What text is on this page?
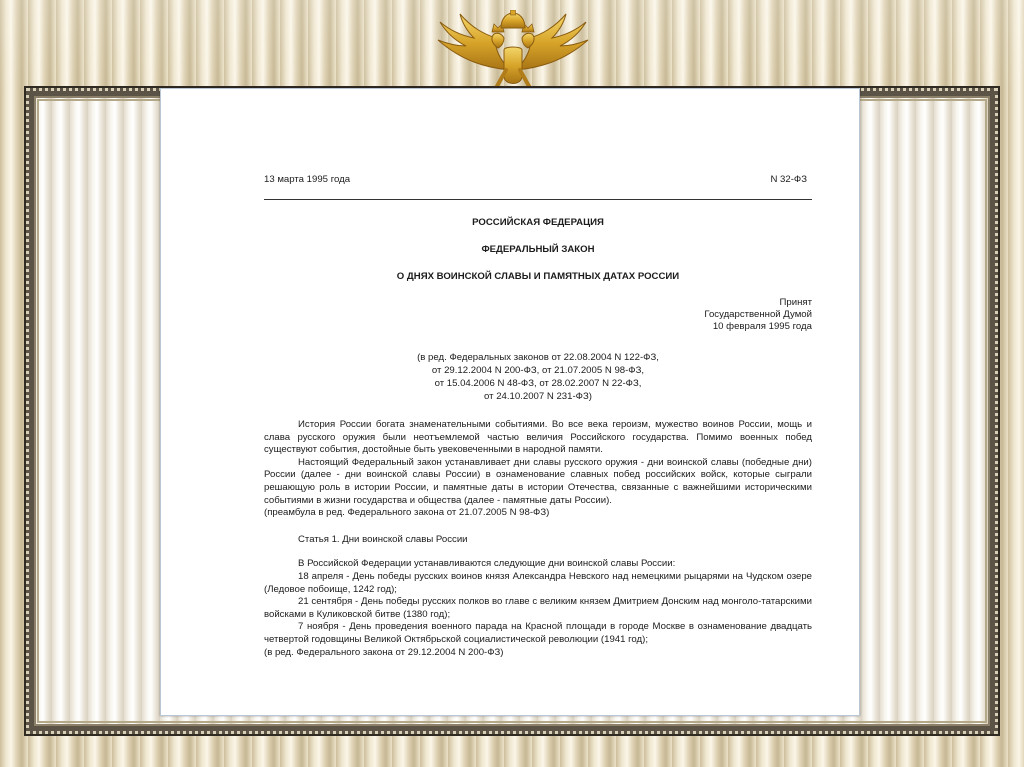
13 марта 1995 года	N 32-ФЗ
РОССИЙСКАЯ ФЕДЕРАЦИЯ
ФЕДЕРАЛЬНЫЙ ЗАКОН
О ДНЯХ ВОИНСКОЙ СЛАВЫ И ПАМЯТНЫХ ДАТАХ РОССИИ
Принят
Государственной Думой
10 февраля 1995 года
(в ред. Федеральных законов от 22.08.2004 N 122-ФЗ,
от 29.12.2004 N 200-ФЗ, от 21.07.2005 N 98-ФЗ,
от 15.04.2006 N 48-ФЗ, от 28.02.2007 N 22-ФЗ,
от 24.10.2007 N 231-ФЗ)

История России богата знаменательными событиями. Во все века героизм, мужество воинов России, мощь и слава русского оружия были неотъемлемой частью величия Российского государства. Помимо военных побед существуют события, достойные быть увековеченными в народной памяти.

Настоящий Федеральный закон устанавливает дни славы русского оружия - дни воинской славы (победные дни) России (далее - дни воинской славы России) в ознаменование славных побед российских войск, которые сыграли решающую роль в истории России, и памятные даты в истории Отечества, связанные с важнейшими историческими событиями в жизни государства и общества (далее - памятные даты России).

(преамбула в ред. Федерального закона от 21.07.2005 N 98-ФЗ)

Статья 1. Дни воинской славы России

В Российской Федерации устанавливаются следующие дни воинской славы России:

18 апреля - День победы русских воинов князя Александра Невского над немецкими рыцарями на Чудском озере (Ледовое побоище, 1242 год);

21 сентября - День победы русских полков во главе с великим князем Дмитрием Донским над монголо-татарскими войсками в Куликовской битве (1380 год);

7 ноября - День проведения военного парада на Красной площади в городе Москве в ознаменование двадцать четвертой годовщины Великой Октябрьской социалистической революции (1941 год);

(в ред. Федерального закона от 29.12.2004 N 200-ФЗ)
